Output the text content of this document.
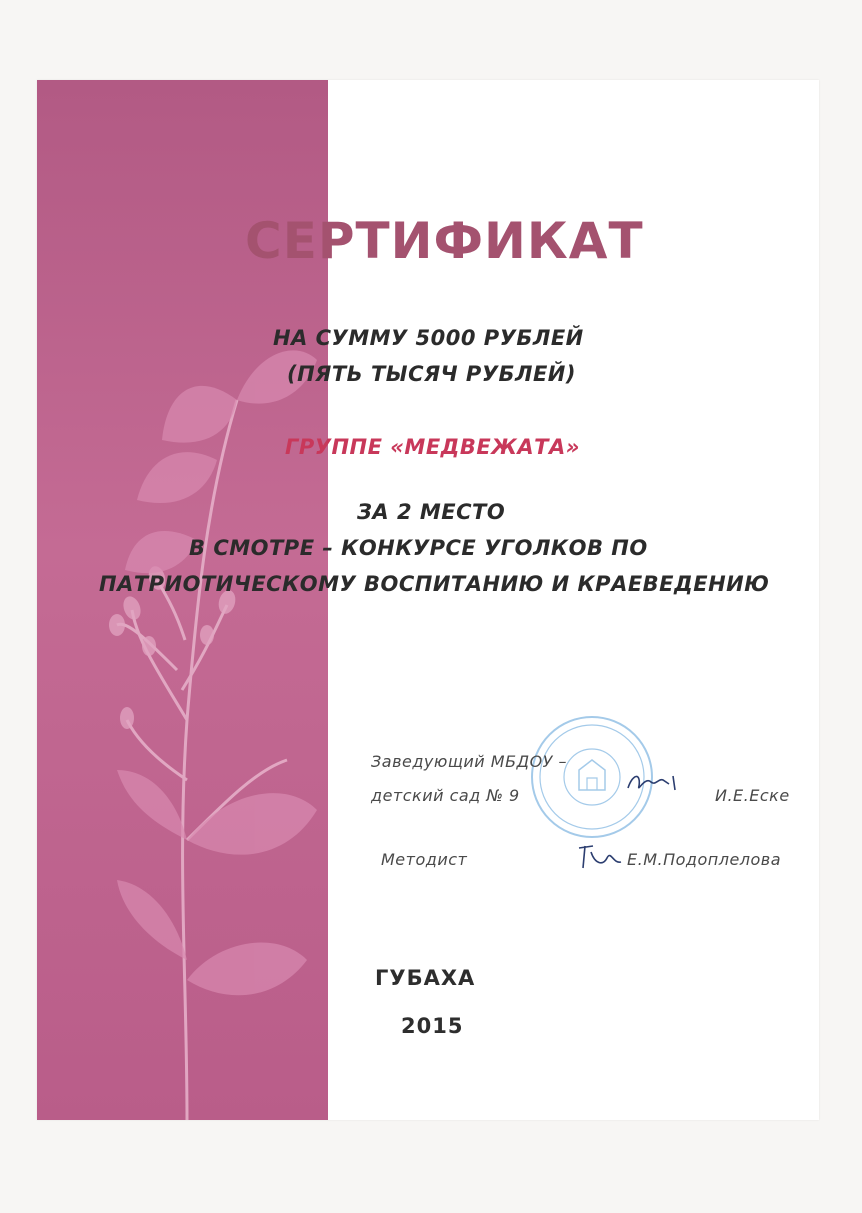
СЕРТИФИКАТ
НА СУММУ 5000 РУБЛЕЙ
(ПЯТЬ ТЫСЯЧ РУБЛЕЙ)
ГРУППЕ «МЕДВЕЖАТА»
ЗА 2 МЕСТО
В СМОТРЕ – КОНКУРСЕ УГОЛКОВ ПО
ПАТРИОТИЧЕСКОМУ ВОСПИТАНИЮ И КРАЕВЕДЕНИЮ
Заведующий МБДОУ –
детский сад № 9	И.Е.Еске
Методист	Е.М.Подоплелова
ГУБАХА
2015
